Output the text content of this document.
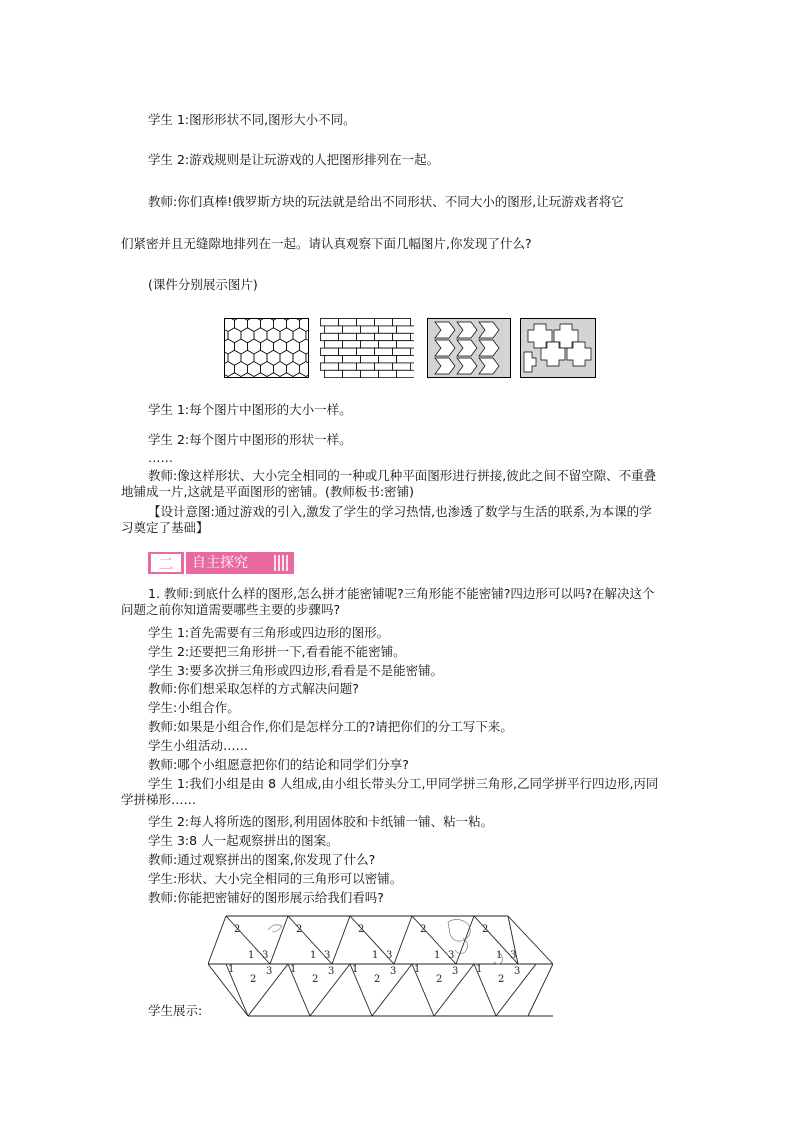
学生 1:图形形状不同,图形大小不同。
学生 2:游戏规则是让玩游戏的人把图形排列在一起。
教师:你们真棒!俄罗斯方块的玩法就是给出不同形状、不同大小的图形,让玩游戏者将它
们紧密并且无缝隙地排列在一起。请认真观察下面几幅图片,你发现了什么?
(课件分别展示图片)
学生 1:每个图片中图形的大小一样。
学生 2:每个图片中图形的形状一样。
……
教师:像这样形状、大小完全相同的一种或几种平面图形进行拼接,彼此之间不留空隙、不重叠地铺成一片,这就是平面图形的密铺。(教师板书:密铺)
【设计意图:通过游戏的引入,激发了学生的学习热情,也渗透了数学与生活的联系,为本课的学习奠定了基础】
二	自主探究
1. 教师:到底什么样的图形,怎么拼才能密铺呢?三角形能不能密铺?四边形可以吗?在解决这个问题之前你知道需要哪些主要的步骤吗?
学生 1:首先需要有三角形或四边形的图形。
学生 2:还要把三角形拼一下,看看能不能密铺。
学生 3:要多次拼三角形或四边形,看看是不是能密铺。
教师:你们想采取怎样的方式解决问题?
学生:小组合作。
教师:如果是小组合作,你们是怎样分工的?请把你们的分工写下来。
学生小组活动……
教师:哪个小组愿意把你们的结论和同学们分享?
学生 1:我们小组是由 8 人组成,由小组长带头分工,甲同学拼三角形,乙同学拼平行四边形,丙同学拼梯形……
学生 2:每人将所选的图形,利用固体胶和卡纸铺一铺、粘一粘。
学生 3:8 人一起观察拼出的图案。
教师:通过观察拼出的图案,你发现了什么?
学生:形状、大小完全相同的三角形可以密铺。
教师:你能把密铺好的图形展示给我们看吗?
2
1 3
1
2
3
2
1 3
1
2
3
2
1 3
1
2
3
2
1 3
1
2
3
2
1 3
1
2
3
学生展示:
